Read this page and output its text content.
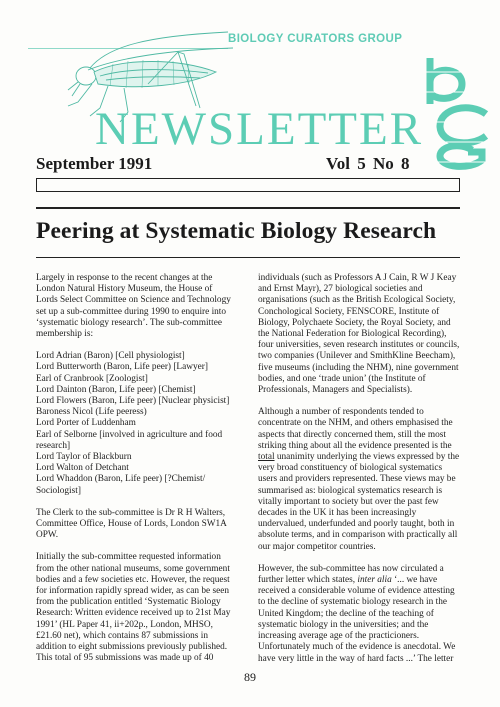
BIOLOGY CURATORS GROUP
NEWSLETTER
September 1991	Vol 5 No 8
Peering at Systematic Biology Research

Largely in response to the recent changes at the London Natural History Museum, the House of Lords Select Committee on Science and Technology set up a sub-committee during 1990 to enquire into ‘systematic biology research’. The sub-committee membership is:

Lord Adrian (Baron) [Cell physiologist]
Lord Butterworth (Baron, Life peer) [Lawyer]
Earl of Cranbrook [Zoologist]
Lord Dainton (Baron, Life peer) [Chemist]
Lord Flowers (Baron, Life peer) [Nuclear physicist]
Baroness Nicol (Life peeress)
Lord Porter of Luddenham
Earl of Selborne [involved in agriculture and food research]
Lord Taylor of Blackburn
Lord Walton of Detchant
Lord Whaddon (Baron, Life peer) [?Chemist/ Sociologist]

The Clerk to the sub-committee is Dr R H Walters, Committee Office, House of Lords, London SW1A OPW.

Initially the sub-committee requested information from the other national museums, some government bodies and a few societies etc. However, the request for information rapidly spread wider, as can be seen from the publication entitled ‘Systematic Biology Research: Written evidence received up to 21st May 1991’ (HL Paper 41, ii+202p., London, MHSO, £21.60 net), which contains 87 submissions in addition to eight submissions previously published. This total of 95 submissions was made up of 40

individuals (such as Professors A J Cain, R W J Keay and Ernst Mayr), 27 biological societies and organisations (such as the British Ecological Society, Conchological Society, FENSCORE, Institute of Biology, Polychaete Society, the Royal Society, and the National Federation for Biological Recording), four universities, seven research institutes or councils, two companies (Unilever and SmithKline Beecham), five museums (including the NHM), nine government bodies, and one ‘trade union’ (the Institute of Professionals, Managers and Specialists).

Although a number of respondents tended to concentrate on the NHM, and others emphasised the aspects that directly concerned them, still the most striking thing about all the evidence presented is the total unanimity underlying the views expressed by the very broad constituency of biological systematics users and providers represented. These views may be summarised as: biological systematics research is vitally important to society but over the past few decades in the UK it has been increasingly undervalued, underfunded and poorly taught, both in absolute terms, and in comparison with practically all our major competitor countries.

However, the sub-committee has now circulated a further letter which states, inter alia ‘... we have received a considerable volume of evidence attesting to the decline of systematic biology research in the United Kingdom; the decline of the teaching of systematic biology in the universities; and the increasing average age of the practicioners. Unfortunately much of the evidence is anecdotal. We have very little in the way of hard facts ...’ The letter

89
